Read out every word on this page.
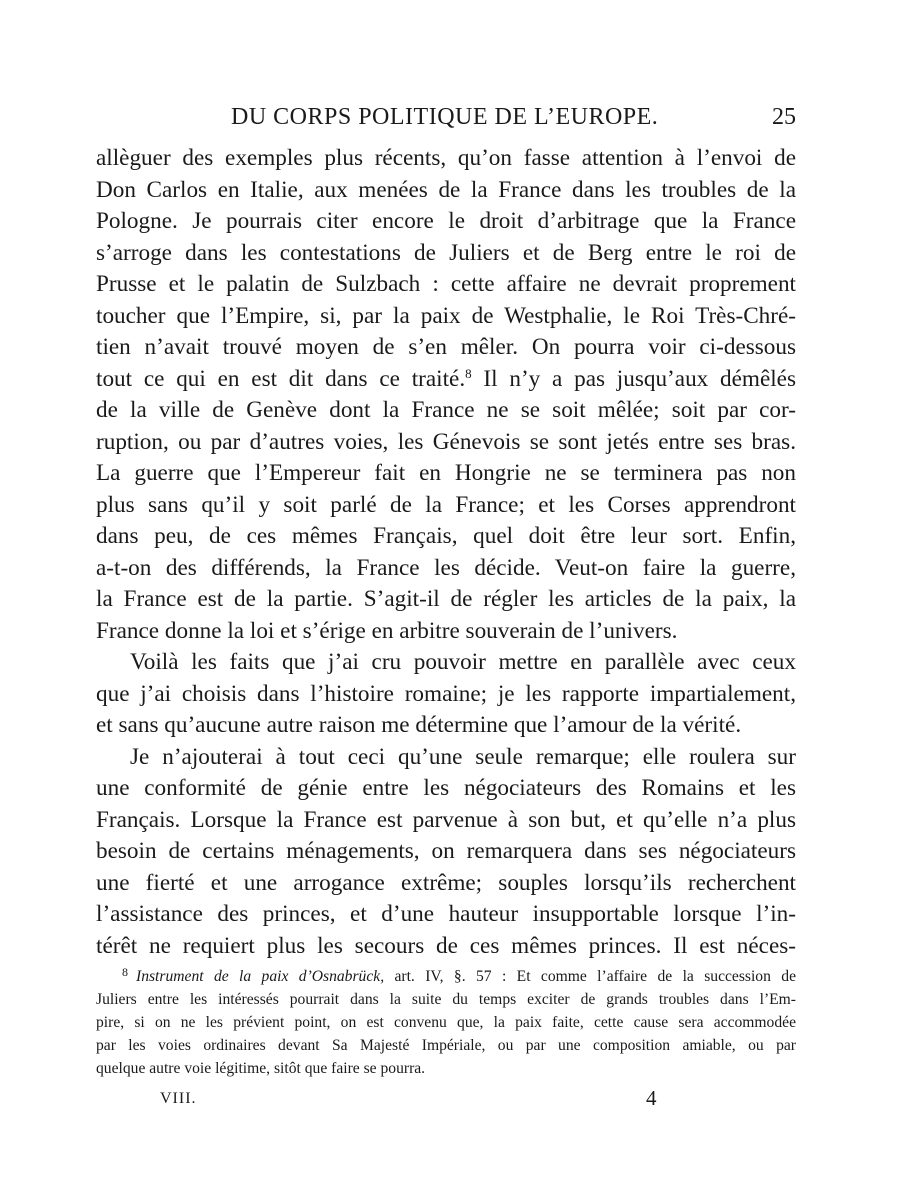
DU CORPS POLITIQUE DE L’EUROPE.	25
allèguer des exemples plus récents, qu’on fasse attention à l’envoi de
Don Carlos en Italie, aux menées de la France dans les troubles de la
Pologne. Je pourrais citer encore le droit d’arbitrage que la France
s’arroge dans les contestations de Juliers et de Berg entre le roi de
Prusse et le palatin de Sulzbach : cette affaire ne devrait proprement
toucher que l’Empire, si, par la paix de Westphalie, le Roi Très-Chré-
tien n’avait trouvé moyen de s’en mêler. On pourra voir ci-dessous
tout ce qui en est dit dans ce traité.$^8$ Il n’y a pas jusqu’aux démêlés
de la ville de Genève dont la France ne se soit mêlée; soit par cor-
ruption, ou par d’autres voies, les Génevois se sont jetés entre ses bras.
La guerre que l’Empereur fait en Hongrie ne se terminera pas non
plus sans qu’il y soit parlé de la France; et les Corses apprendront
dans peu, de ces mêmes Français, quel doit être leur sort. Enfin,
a-t-on des différends, la France les décide. Veut-on faire la guerre,
la France est de la partie. S’agit-il de régler les articles de la paix, la
France donne la loi et s’érige en arbitre souverain de l’univers.
Voilà les faits que j’ai cru pouvoir mettre en parallèle avec ceux
que j’ai choisis dans l’histoire romaine; je les rapporte impartialement,
et sans qu’aucune autre raison me détermine que l’amour de la vérité.
Je n’ajouterai à tout ceci qu’une seule remarque; elle roulera sur
une conformité de génie entre les négociateurs des Romains et les
Français. Lorsque la France est parvenue à son but, et qu’elle n’a plus
besoin de certains ménagements, on remarquera dans ses négociateurs
une fierté et une arrogance extrême; souples lorsqu’ils recherchent
l’assistance des princes, et d’une hauteur insupportable lorsque l’in-
térêt ne requiert plus les secours de ces mêmes princes. Il est néces-
$^8$ Instrument de la paix d’Osnabrück, art. IV, §. 57 : Et comme l’affaire de la succession de
Juliers entre les intéressés pourrait dans la suite du temps exciter de grands troubles dans l’Em-
pire, si on ne les prévient point, on est convenu que, la paix faite, cette cause sera accommodée
par les voies ordinaires devant Sa Majesté Impériale, ou par une composition amiable, ou par
quelque autre voie légitime, sitôt que faire se pourra.
VIII.	4
